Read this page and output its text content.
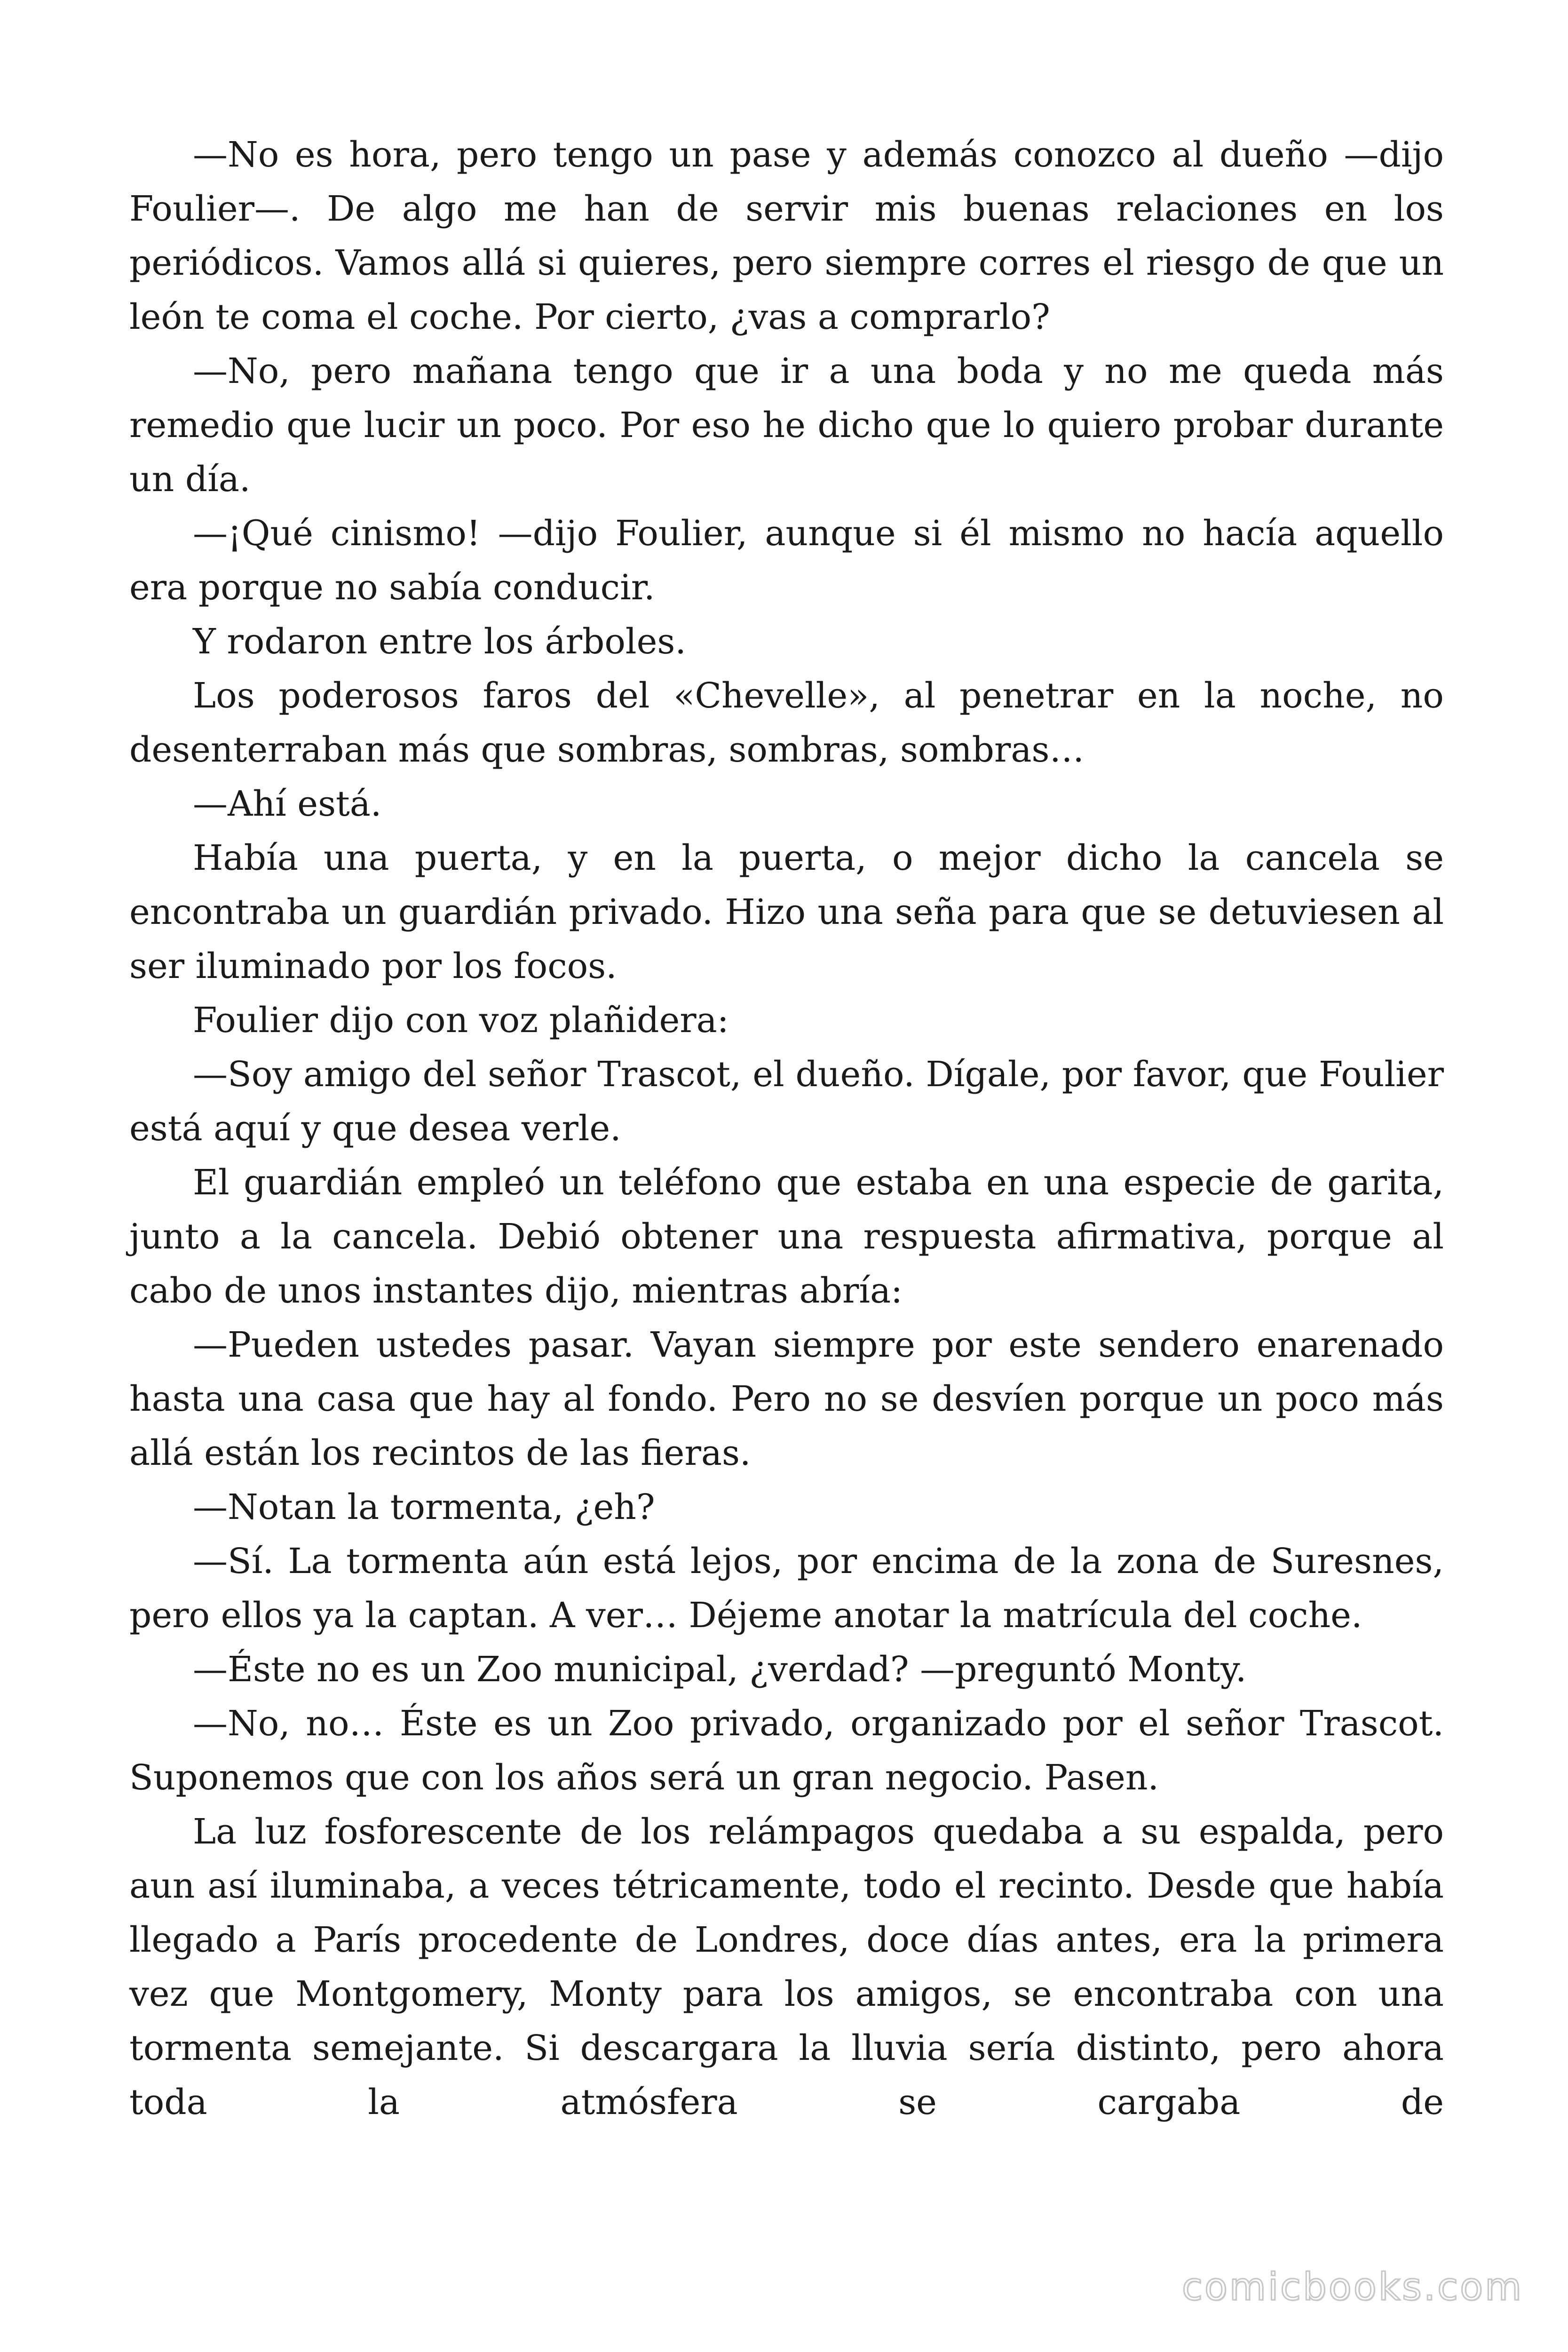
—No es hora, pero tengo un pase y además conozco al dueño —dijo Foulier—. De algo me han de servir mis buenas relaciones en los periódicos. Vamos allá si quieres, pero siempre corres el riesgo de que un león te coma el coche. Por cierto, ¿vas a comprarlo?

—No, pero mañana tengo que ir a una boda y no me queda más remedio que lucir un poco. Por eso he dicho que lo quiero probar durante un día.

—¡Qué cinismo! —dijo Foulier, aunque si él mismo no hacía aquello era porque no sabía conducir.

Y rodaron entre los árboles.

Los poderosos faros del «Chevelle», al penetrar en la noche, no desenterraban más que sombras, sombras, sombras…

—Ahí está.

Había una puerta, y en la puerta, o mejor dicho la cancela se encontraba un guardián privado. Hizo una seña para que se detuviesen al ser iluminado por los focos.

Foulier dijo con voz plañidera:

—Soy amigo del señor Trascot, el dueño. Dígale, por favor, que Foulier está aquí y que desea verle.

El guardián empleó un teléfono que estaba en una especie de garita, junto a la cancela. Debió obtener una respuesta afirmativa, porque al cabo de unos instantes dijo, mientras abría:

—Pueden ustedes pasar. Vayan siempre por este sendero enarenado hasta una casa que hay al fondo. Pero no se desvíen porque un poco más allá están los recintos de las fieras.

—Notan la tormenta, ¿eh?

—Sí. La tormenta aún está lejos, por encima de la zona de Suresnes, pero ellos ya la captan. A ver… Déjeme anotar la matrícula del coche.

—Éste no es un Zoo municipal, ¿verdad? —preguntó Monty.

—No, no… Éste es un Zoo privado, organizado por el señor Trascot. Suponemos que con los años será un gran negocio. Pasen.

La luz fosforescente de los relámpagos quedaba a su espalda, pero aun así iluminaba, a veces tétricamente, todo el recinto. Desde que había llegado a París procedente de Londres, doce días antes, era la primera vez que Montgomery, Monty para los amigos, se encontraba con una tormenta semejante. Si descargara la lluvia sería distinto, pero ahora toda la atmósfera se cargaba de

comicbooks.com
